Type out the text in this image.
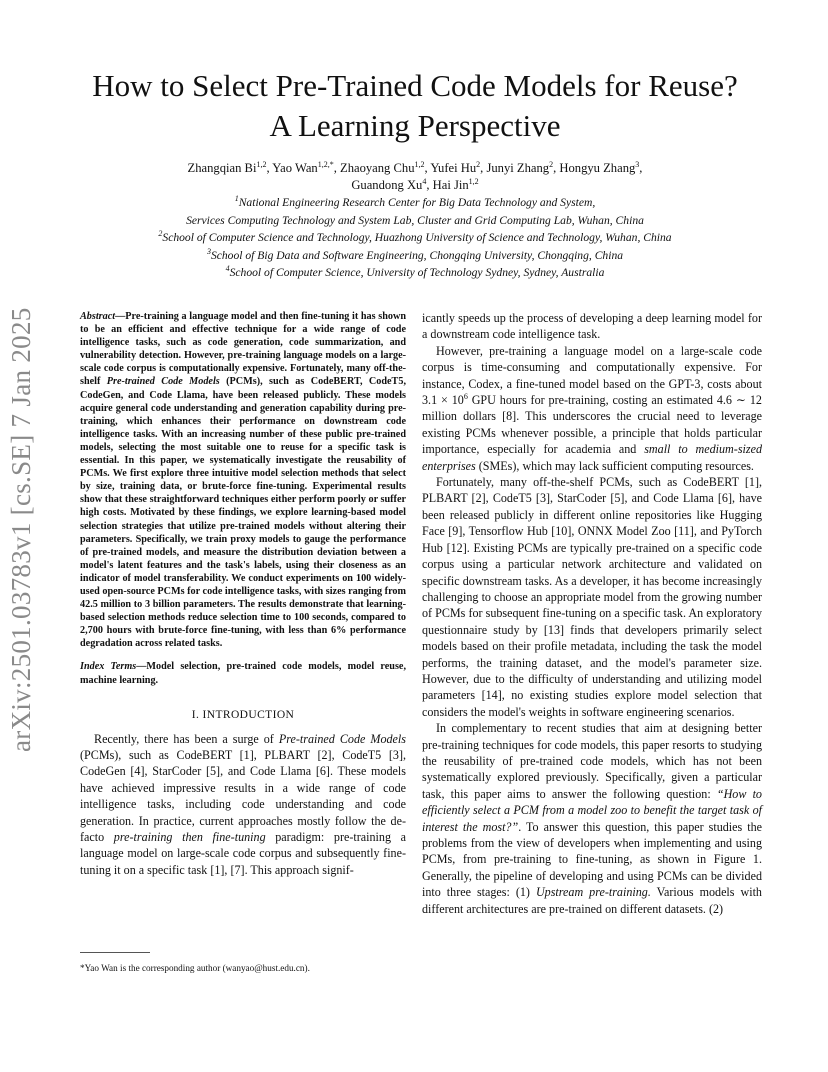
arXiv:2501.03783v1 [cs.SE] 7 Jan 2025
How to Select Pre-Trained Code Models for Reuse?
A Learning Perspective
Zhangqian Bi$^{1,2}$, Yao Wan$^{1,2,*}$, Zhaoyang Chu$^{1,2}$, Yufei Hu$^2$, Junyi Zhang$^2$, Hongyu Zhang$^3$,
Guandong Xu$^4$, Hai Jin$^{1,2}$
$^1$National Engineering Research Center for Big Data Technology and System,
Services Computing Technology and System Lab, Cluster and Grid Computing Lab, Wuhan, China
$^2$School of Computer Science and Technology, Huazhong University of Science and Technology, Wuhan, China
$^3$School of Big Data and Software Engineering, Chongqing University, Chongqing, China
$^4$School of Computer Science, University of Technology Sydney, Sydney, Australia
Abstract—Pre-training a language model and then fine-tuning it has shown to be an efficient and effective technique for a wide range of code intelligence tasks, such as code generation, code summarization, and vulnerability detection. However, pre-training language models on a large-scale code corpus is computationally expensive. Fortunately, many off-the-shelf Pre-trained Code Models (PCMs), such as CodeBERT, CodeT5, CodeGen, and Code Llama, have been released publicly. These models acquire general code understanding and generation capability during pre-training, which enhances their performance on downstream code intelligence tasks. With an increasing number of these public pre-trained models, selecting the most suitable one to reuse for a specific task is essential. In this paper, we systematically investigate the reusability of PCMs. We first explore three intuitive model selection methods that select by size, training data, or brute-force fine-tuning. Experimental results show that these straightforward techniques either perform poorly or suffer high costs. Motivated by these findings, we explore learning-based model selection strategies that utilize pre-trained models without altering their parameters. Specifically, we train proxy models to gauge the performance of pre-trained models, and measure the distribution deviation between a model's latent features and the task's labels, using their closeness as an indicator of model transferability. We conduct experiments on 100 widely-used open-source PCMs for code intelligence tasks, with sizes ranging from 42.5 million to 3 billion parameters. The results demonstrate that learning-based selection methods reduce selection time to 100 seconds, compared to 2,700 hours with brute-force fine-tuning, with less than 6% performance degradation across related tasks.
Index Terms—Model selection, pre-trained code models, model reuse, machine learning.
I. INTRODUCTION

Recently, there has been a surge of Pre-trained Code Models (PCMs), such as CodeBERT [1], PLBART [2], CodeT5 [3], CodeGen [4], StarCoder [5], and Code Llama [6]. These models have achieved impressive results in a wide range of code intelligence tasks, including code understanding and code generation. In practice, current approaches mostly follow the de-facto pre-training then fine-tuning paradigm: pre-training a language model on large-scale code corpus and subsequently fine-tuning it on a specific task [1], [7]. This approach signif-

*Yao Wan is the corresponding author (wanyao@hust.edu.cn).

icantly speeds up the process of developing a deep learning model for a downstream code intelligence task.

However, pre-training a language model on a large-scale code corpus is time-consuming and computationally expensive. For instance, Codex, a fine-tuned model based on the GPT-3, costs about $3.1 \times 10^6$ GPU hours for pre-training, costing an estimated 4.6 ∼ 12 million dollars [8]. This underscores the crucial need to leverage existing PCMs whenever possible, a principle that holds particular importance, especially for academia and small to medium-sized enterprises (SMEs), which may lack sufficient computing resources.

Fortunately, many off-the-shelf PCMs, such as CodeBERT [1], PLBART [2], CodeT5 [3], StarCoder [5], and Code Llama [6], have been released publicly in different online repositories like Hugging Face [9], Tensorflow Hub [10], ONNX Model Zoo [11], and PyTorch Hub [12]. Existing PCMs are typically pre-trained on a specific code corpus using a particular network architecture and validated on specific downstream tasks. As a developer, it has become increasingly challenging to choose an appropriate model from the growing number of PCMs for subsequent fine-tuning on a specific task. An exploratory questionnaire study by [13] finds that developers primarily select models based on their profile metadata, including the task the model performs, the training dataset, and the model's parameter size. However, due to the difficulty of understanding and utilizing model parameters [14], no existing studies explore model selection that considers the model's weights in software engineering scenarios.

In complementary to recent studies that aim at designing better pre-training techniques for code models, this paper resorts to studying the reusability of pre-trained code models, which has not been systematically explored previously. Specifically, given a particular task, this paper aims to answer the following question: “How to efficiently select a PCM from a model zoo to benefit the target task of interest the most?”. To answer this question, this paper studies the problems from the view of developers when implementing and using PCMs, from pre-training to fine-tuning, as shown in Figure 1. Generally, the pipeline of developing and using PCMs can be divided into three stages: (1) Upstream pre-training. Various models with different architectures are pre-trained on different datasets. (2)
